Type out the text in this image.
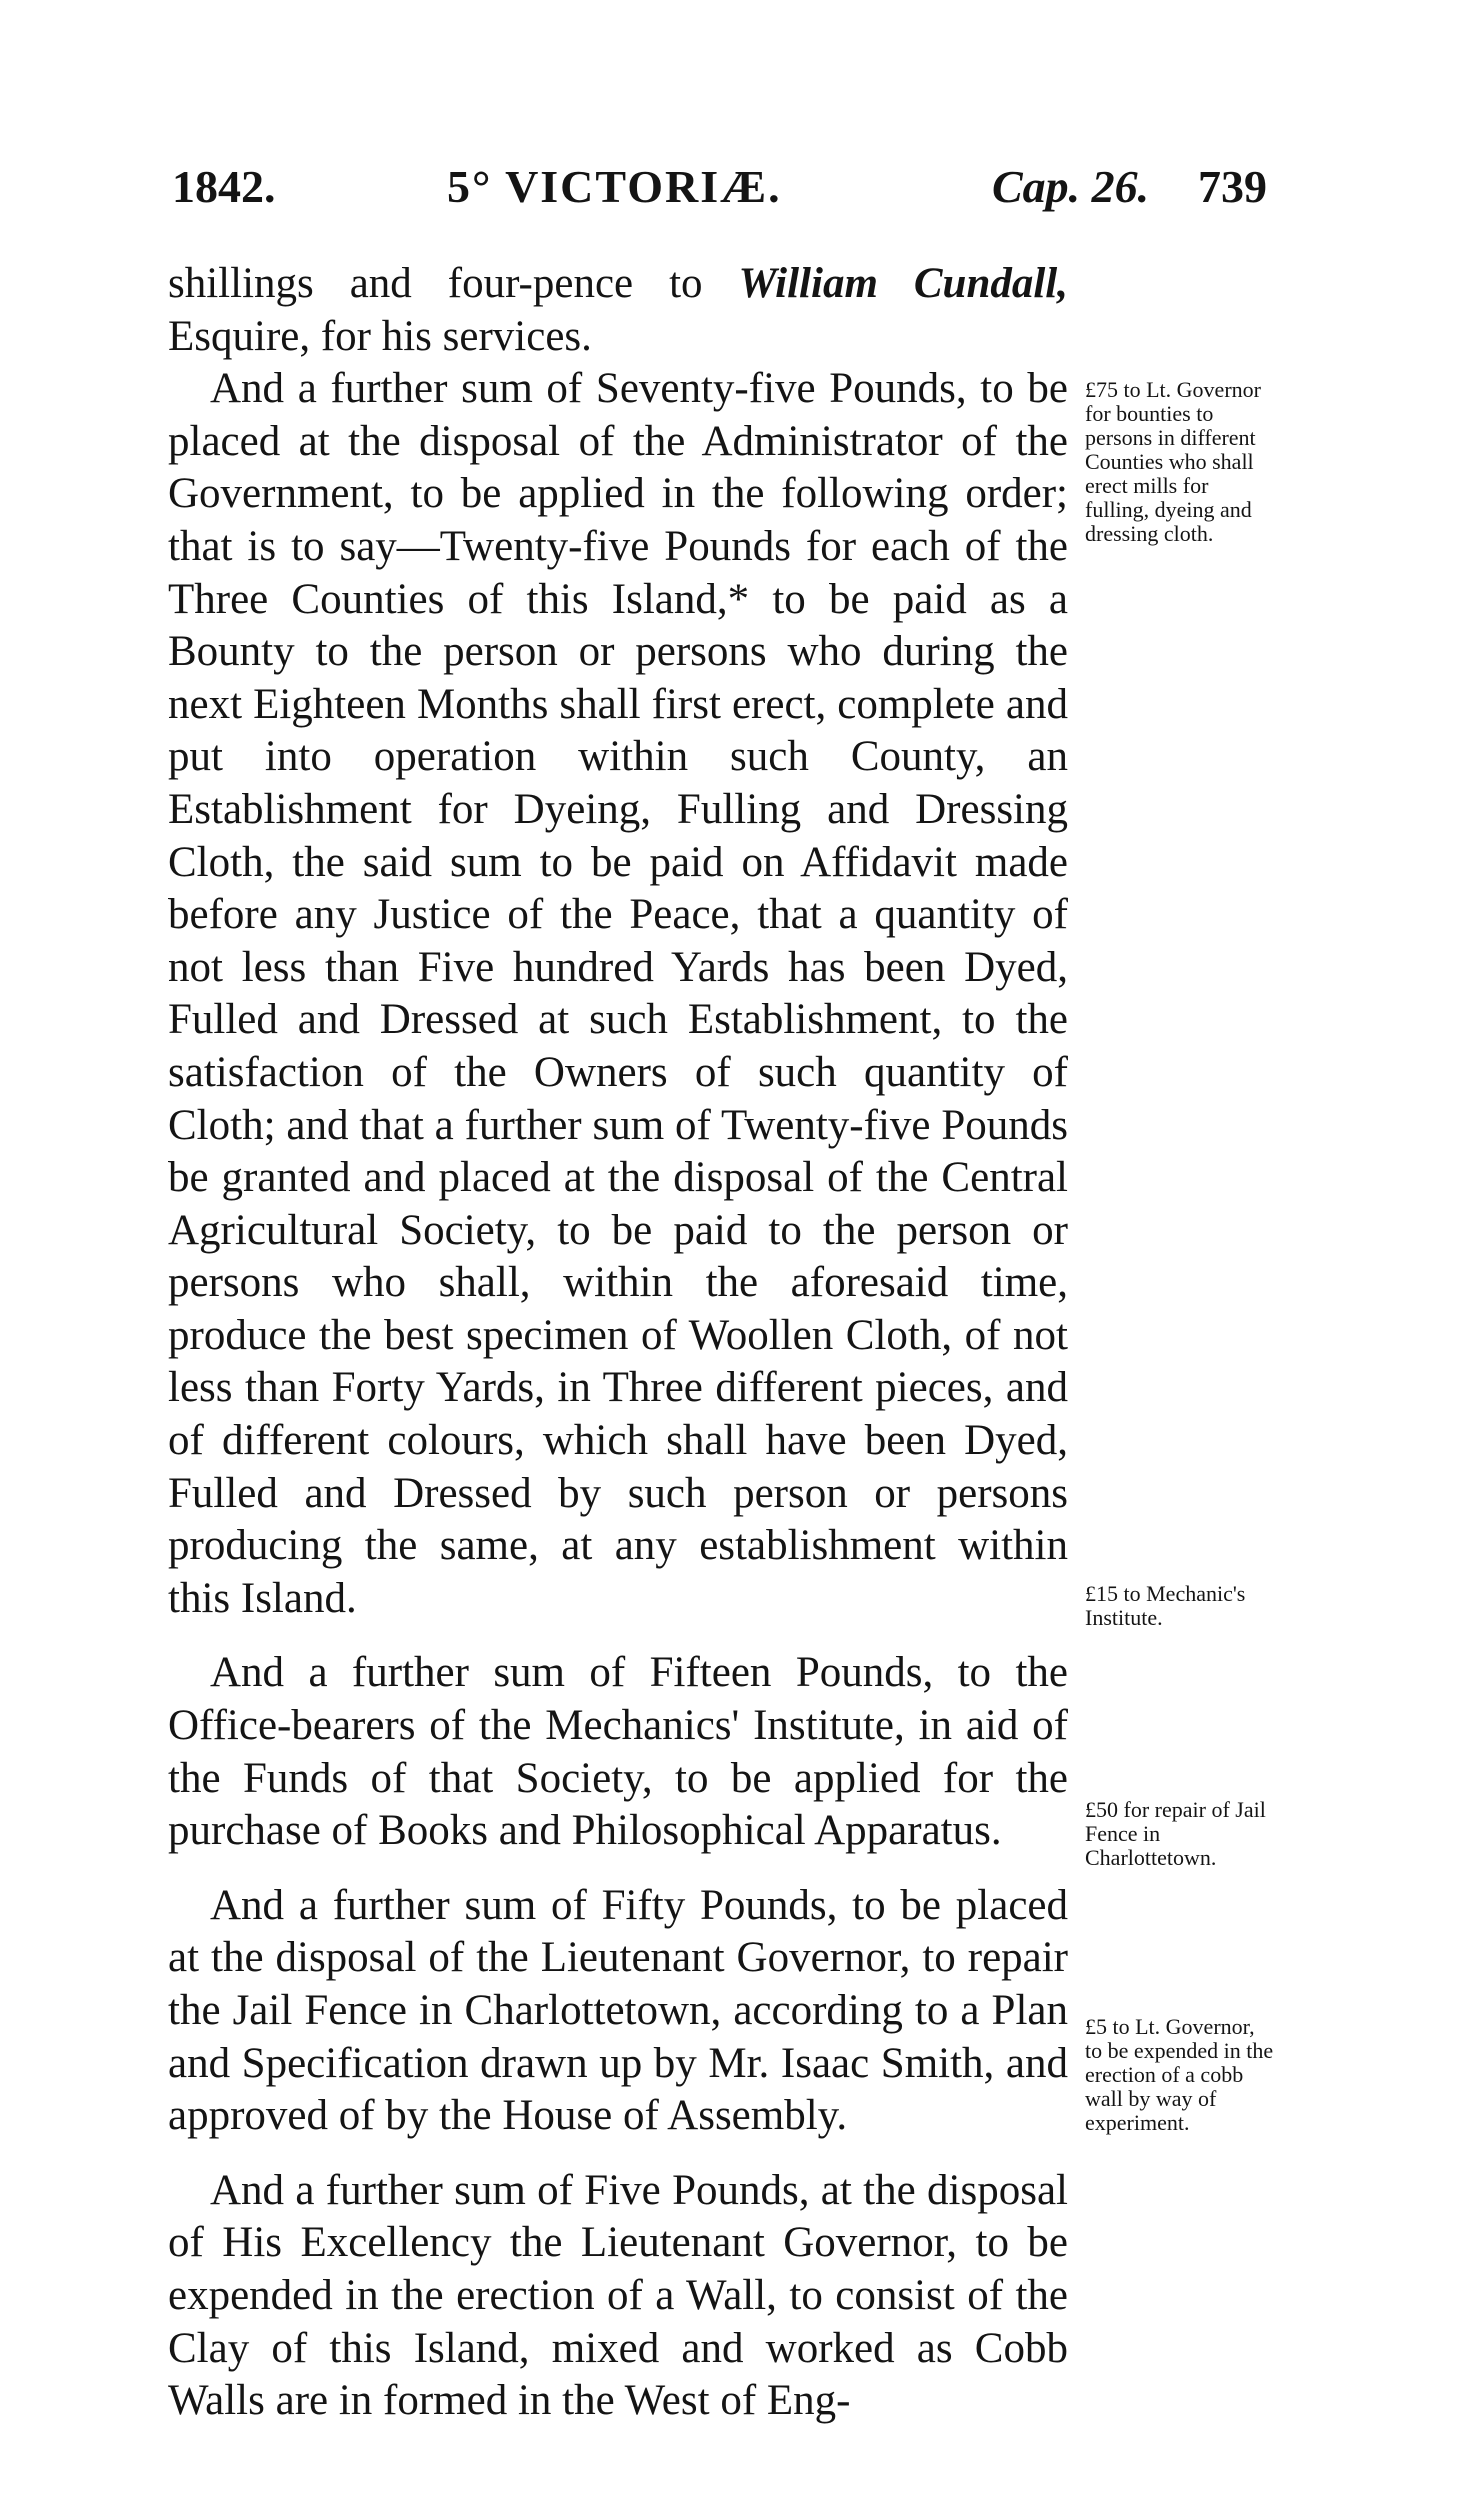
1842.	5° VICTORIÆ.	Cap. 26. 739

shillings and four-pence to William Cundall, Esquire, for his services.

And a further sum of Seventy-five Pounds, to be placed at the disposal of the Administrator of the Government, to be applied in the following order; that is to say—Twenty-five Pounds for each of the Three Counties of this Island,* to be paid as a Bounty to the person or persons who during the next Eighteen Months shall first erect, complete and put into operation within such County, an Establishment for Dyeing, Fulling and Dressing Cloth, the said sum to be paid on Affidavit made before any Justice of the Peace, that a quantity of not less than Five hundred Yards has been Dyed, Fulled and Dressed at such Establishment, to the satisfaction of the Owners of such quantity of Cloth; and that a further sum of Twenty-five Pounds be granted and placed at the disposal of the Central Agricultural Society, to be paid to the person or persons who shall, within the aforesaid time, produce the best specimen of Woollen Cloth, of not less than Forty Yards, in Three different pieces, and of different colours, which shall have been Dyed, Fulled and Dressed by such person or persons producing the same, at any establishment within this Island.

And a further sum of Fifteen Pounds, to the Office-bearers of the Mechanics' Institute, in aid of the Funds of that Society, to be applied for the purchase of Books and Philosophical Apparatus.

And a further sum of Fifty Pounds, to be placed at the disposal of the Lieutenant Governor, to repair the Jail Fence in Charlottetown, according to a Plan and Specification drawn up by Mr. Isaac Smith, and approved of by the House of Assembly.

And a further sum of Five Pounds, at the disposal of His Excellency the Lieutenant Governor, to be expended in the erection of a Wall, to consist of the Clay of this Island, mixed and worked as Cobb Walls are in formed in the West of Eng-

£75 to Lt. Governor for bounties to persons in different Counties who shall erect mills for fulling, dyeing and dressing cloth.
£15 to Mechanic's Institute.
£50 for repair of Jail Fence in Charlottetown.
£5 to Lt. Governor, to be expended in the erection of a cobb wall by way of experiment.
